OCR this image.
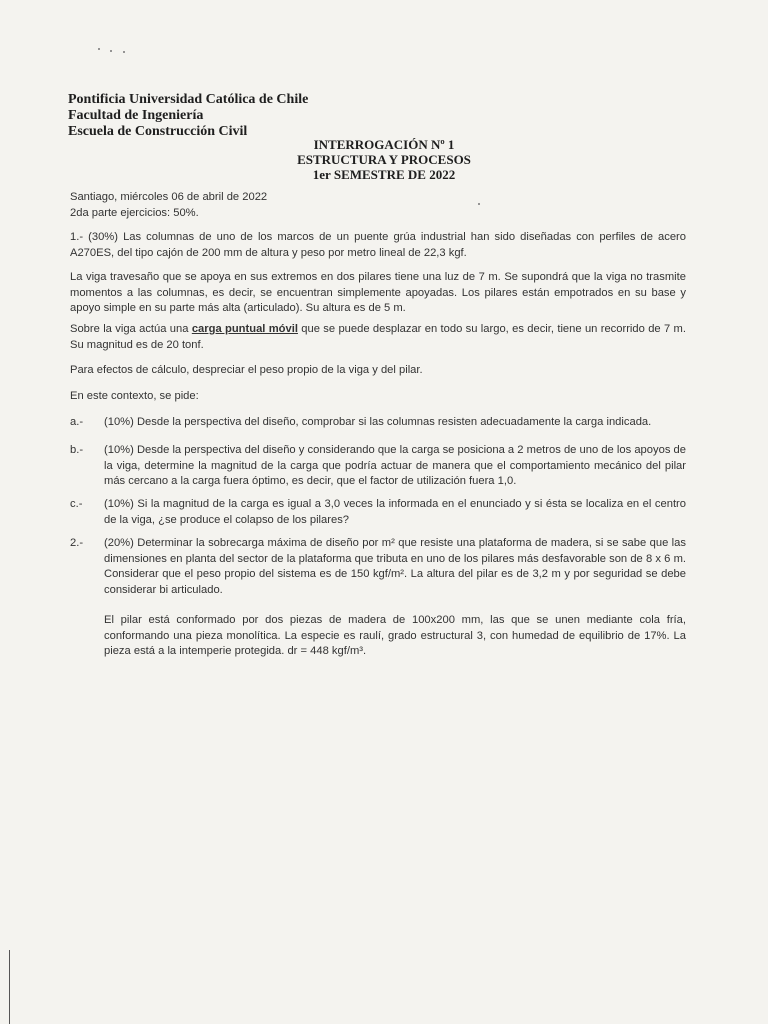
Pontificia Universidad Católica de Chile
Facultad de Ingeniería
Escuela de Construcción Civil
INTERROGACIÓN Nº 1
ESTRUCTURA Y PROCESOS
1er SEMESTRE DE 2022
Santiago, miércoles 06 de abril de 2022
2da parte ejercicios: 50%.

1.- (30%) Las columnas de uno de los marcos de un puente grúa industrial han sido diseñadas con perfiles de acero A270ES, del tipo cajón de 200 mm de altura y peso por metro lineal de 22,3 kgf.

La viga travesaño que se apoya en sus extremos en dos pilares tiene una luz de 7 m. Se supondrá que la viga no trasmite momentos a las columnas, es decir, se encuentran simplemente apoyadas. Los pilares están empotrados en su base y apoyo simple en su parte más alta (articulado). Su altura es de 5 m.

Sobre la viga actúa una carga puntual móvil que se puede desplazar en todo su largo, es decir, tiene un recorrido de 7 m. Su magnitud es de 20 tonf.

Para efectos de cálculo, despreciar el peso propio de la viga y del pilar.

En este contexto, se pide:

a.-	(10%) Desde la perspectiva del diseño, comprobar si las columnas resisten adecuadamente la carga indicada.
b.-	(10%) Desde la perspectiva del diseño y considerando que la carga se posiciona a 2 metros de uno de los apoyos de la viga, determine la magnitud de la carga que podría actuar de manera que el comportamiento mecánico del pilar más cercano a la carga fuera óptimo, es decir, que el factor de utilización fuera 1,0.
c.-	(10%) Si la magnitud de la carga es igual a 3,0 veces la informada en el enunciado y si ésta se localiza en el centro de la viga, ¿se produce el colapso de los pilares?
2.-	(20%) Determinar la sobrecarga máxima de diseño por m² que resiste una plataforma de madera, si se sabe que las dimensiones en planta del sector de la plataforma que tributa en uno de los pilares más desfavorable son de 8 x 6 m. Considerar que el peso propio del sistema es de 150 kgf/m². La altura del pilar es de 3,2 m y por seguridad se debe considerar bi articulado.
El pilar está conformado por dos piezas de madera de 100x200 mm, las que se unen mediante cola fría, conformando una pieza monolítica. La especie es raulí, grado estructural 3, con humedad de equilibrio de 17%. La pieza está a la intemperie protegida. dr = 448 kgf/m³.
